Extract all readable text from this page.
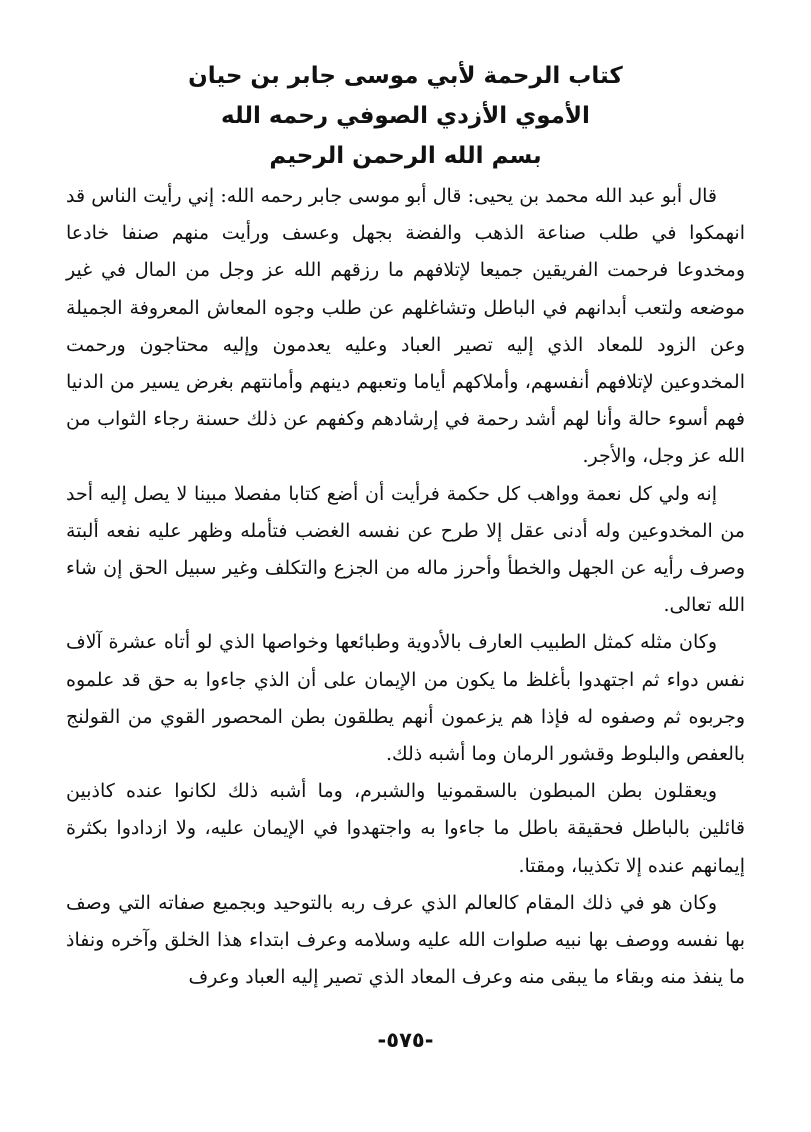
كتاب الرحمة لأبي موسى جابر بن حيان
الأموي الأزدي الصوفي رحمه الله
بسم الله الرحمن الرحيم

قال أبو عبد الله محمد بن يحيى: قال أبو موسى جابر رحمه الله: إني رأيت الناس قد انهمكوا في طلب صناعة الذهب والفضة بجهل وعسف ورأيت منهم صنفا خادعا ومخدوعا فرحمت الفريقين جميعا لإتلافهم ما رزقهم الله عز وجل من المال في غير موضعه ولتعب أبدانهم في الباطل وتشاغلهم عن طلب وجوه المعاش المعروفة الجميلة وعن الزود للمعاد الذي إليه تصير العباد وعليه يعدمون وإليه محتاجون ورحمت المخدوعين لإتلافهم أنفسهم، وأملاكهم أياما وتعبهم دينهم وأمانتهم بغرض يسير من الدنيا فهم أسوء حالة وأنا لهم أشد رحمة في إرشادهم وكفهم عن ذلك حسنة رجاء الثواب من الله عز وجل، والأجر.

إنه ولي كل نعمة وواهب كل حكمة فرأيت أن أضع كتابا مفصلا مبينا لا يصل إليه أحد من المخدوعين وله أدنى عقل إلا طرح عن نفسه الغضب فتأمله وظهر عليه نفعه ألبتة وصرف رأيه عن الجهل والخطأ وأحرز ماله من الجزع والتكلف وغير سبيل الحق إن شاء الله تعالى.

وكان مثله كمثل الطبيب العارف بالأدوية وطبائعها وخواصها الذي لو أتاه عشرة آلاف نفس دواء ثم اجتهدوا بأغلظ ما يكون من الإيمان على أن الذي جاءوا به حق قد علموه وجربوه ثم وصفوه له فإذا هم يزعمون أنهم يطلقون بطن المحصور القوي من القولنج بالعفص والبلوط وقشور الرمان وما أشبه ذلك.

ويعقلون بطن المبطون بالسقمونيا والشبرم، وما أشبه ذلك لكانوا عنده كاذبين قائلين بالباطل فحقيقة باطل ما جاءوا به واجتهدوا في الإيمان عليه، ولا ازدادوا بكثرة إيمانهم عنده إلا تكذيبا، ومقتا.

وكان هو في ذلك المقام كالعالم الذي عرف ربه بالتوحيد وبجميع صفاته التي وصف بها نفسه ووصف بها نبيه صلوات الله عليه وسلامه وعرف ابتداء هذا الخلق وآخره ونفاذ ما ينفذ منه وبقاء ما يبقى منه وعرف المعاد الذي تصير إليه العباد وعرف

-٥٧٥-
